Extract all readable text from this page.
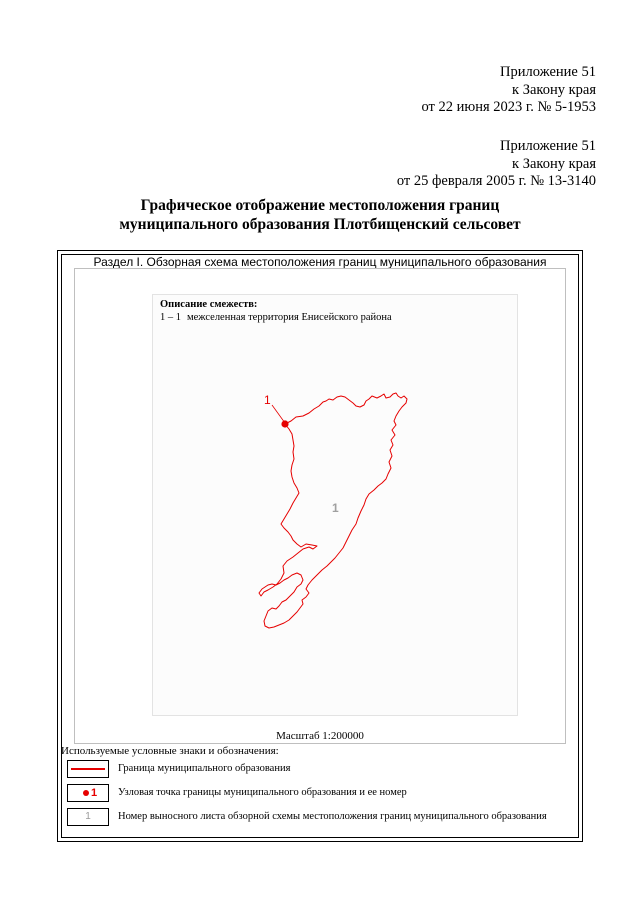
Приложение 51
к Закону края
от 22 июня 2023 г. № 5-1953
Приложение 51
к Закону края
от 25 февраля 2005 г. № 13-3140
Графическое отображение местоположения границ
муниципального образования Плотбищенский сельсовет
Раздел I. Обзорная схема местоположения границ муниципального образования
Описание смежеств:
1 – 1 межселенная территория Енисейского района
1
1
Масштаб 1:200000
Используемые условные знаки и обозначения:
Граница муниципального образования
1 Узловая точка границы муниципального образования и ее номер
1	Номер выносного листа обзорной схемы местоположения границ муниципального образования
